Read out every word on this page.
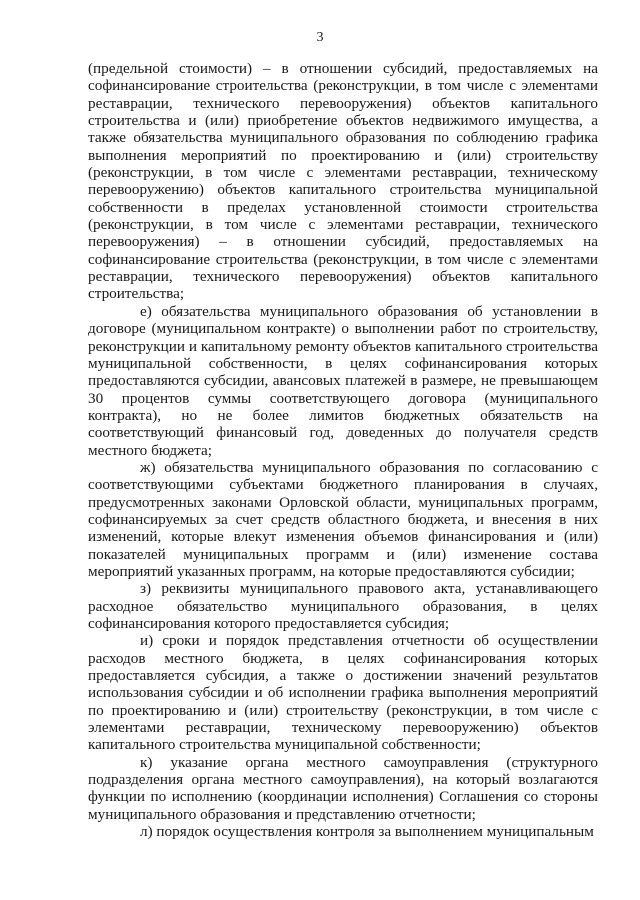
3

(предельной стоимости) – в отношении субсидий, предоставляемых на софинансирование строительства (реконструкции, в том числе с элементами реставрации, технического перевооружения) объектов капитального строительства и (или) приобретение объектов недвижимого имущества, а также обязательства муниципального образования по соблюдению графика выполнения мероприятий по проектированию и (или) строительству (реконструкции, в том числе с элементами реставрации, техническому перевооружению) объектов капитального строительства муниципальной собственности в пределах установленной стоимости строительства (реконструкции, в том числе с элементами реставрации, технического перевооружения) – в отношении субсидий, предоставляемых на софинансирование строительства (реконструкции, в том числе с элементами реставрации, технического перевооружения) объектов капитального строительства;

е) обязательства муниципального образования об установлении в договоре (муниципальном контракте) о выполнении работ по строительству, реконструкции и капитальному ремонту объектов капитального строительства муниципальной собственности, в целях софинансирования которых предоставляются субсидии, авансовых платежей в размере, не превышающем 30 процентов суммы соответствующего договора (муниципального контракта), но не более лимитов бюджетных обязательств на соответствующий финансовый год, доведенных до получателя средств местного бюджета;

ж) обязательства муниципального образования по согласованию с соответствующими субъектами бюджетного планирования в случаях, предусмотренных законами Орловской области, муниципальных программ, софинансируемых за счет средств областного бюджета, и внесения в них изменений, которые влекут изменения объемов финансирования и (или) показателей муниципальных программ и (или) изменение состава мероприятий указанных программ, на которые предоставляются субсидии;

з) реквизиты муниципального правового акта, устанавливающего расходное обязательство муниципального образования, в целях софинансирования которого предоставляется субсидия;

и) сроки и порядок представления отчетности об осуществлении расходов местного бюджета, в целях софинансирования которых предоставляется субсидия, а также о достижении значений результатов использования субсидии и об исполнении графика выполнения мероприятий по проектированию и (или) строительству (реконструкции, в том числе с элементами реставрации, техническому перевооружению) объектов капитального строительства муниципальной собственности;

к) указание органа местного самоуправления (структурного подразделения органа местного самоуправления), на который возлагаются функции по исполнению (координации исполнения) Соглашения со стороны муниципального образования и представлению отчетности;

л) порядок осуществления контроля за выполнением муниципальным
